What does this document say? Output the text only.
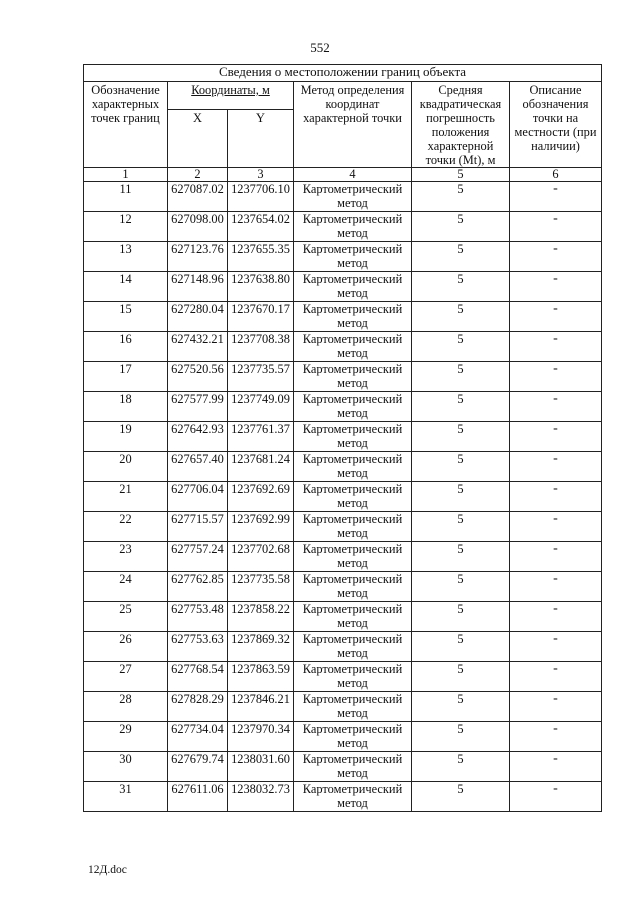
552
Сведения о местоположении границ объекта					
Обозначение характерных точек границ	Координаты, м		Метод определения координат характерной точки	Средняя квадратическая погрешность положения характерной точки (Mt), м	Описание обозначения точки на местности (при наличии)
	X	Y			
1	2	3	4	5	6
11	627087.02	1237706.10	Картометрический метод	5	-
12	627098.00	1237654.02	Картометрический метод	5	-
13	627123.76	1237655.35	Картометрический метод	5	-
14	627148.96	1237638.80	Картометрический метод	5	-
15	627280.04	1237670.17	Картометрический метод	5	-
16	627432.21	1237708.38	Картометрический метод	5	-
17	627520.56	1237735.57	Картометрический метод	5	-
18	627577.99	1237749.09	Картометрический метод	5	-
19	627642.93	1237761.37	Картометрический метод	5	-
20	627657.40	1237681.24	Картометрический метод	5	-
21	627706.04	1237692.69	Картометрический метод	5	-
22	627715.57	1237692.99	Картометрический метод	5	-
23	627757.24	1237702.68	Картометрический метод	5	-
24	627762.85	1237735.58	Картометрический метод	5	-
25	627753.48	1237858.22	Картометрический метод	5	-
26	627753.63	1237869.32	Картометрический метод	5	-
27	627768.54	1237863.59	Картометрический метод	5	-
28	627828.29	1237846.21	Картометрический метод	5	-
29	627734.04	1237970.34	Картометрический метод	5	-
30	627679.74	1238031.60	Картометрический метод	5	-
31	627611.06	1238032.73	Картометрический метод	5	-
12Д.doc
